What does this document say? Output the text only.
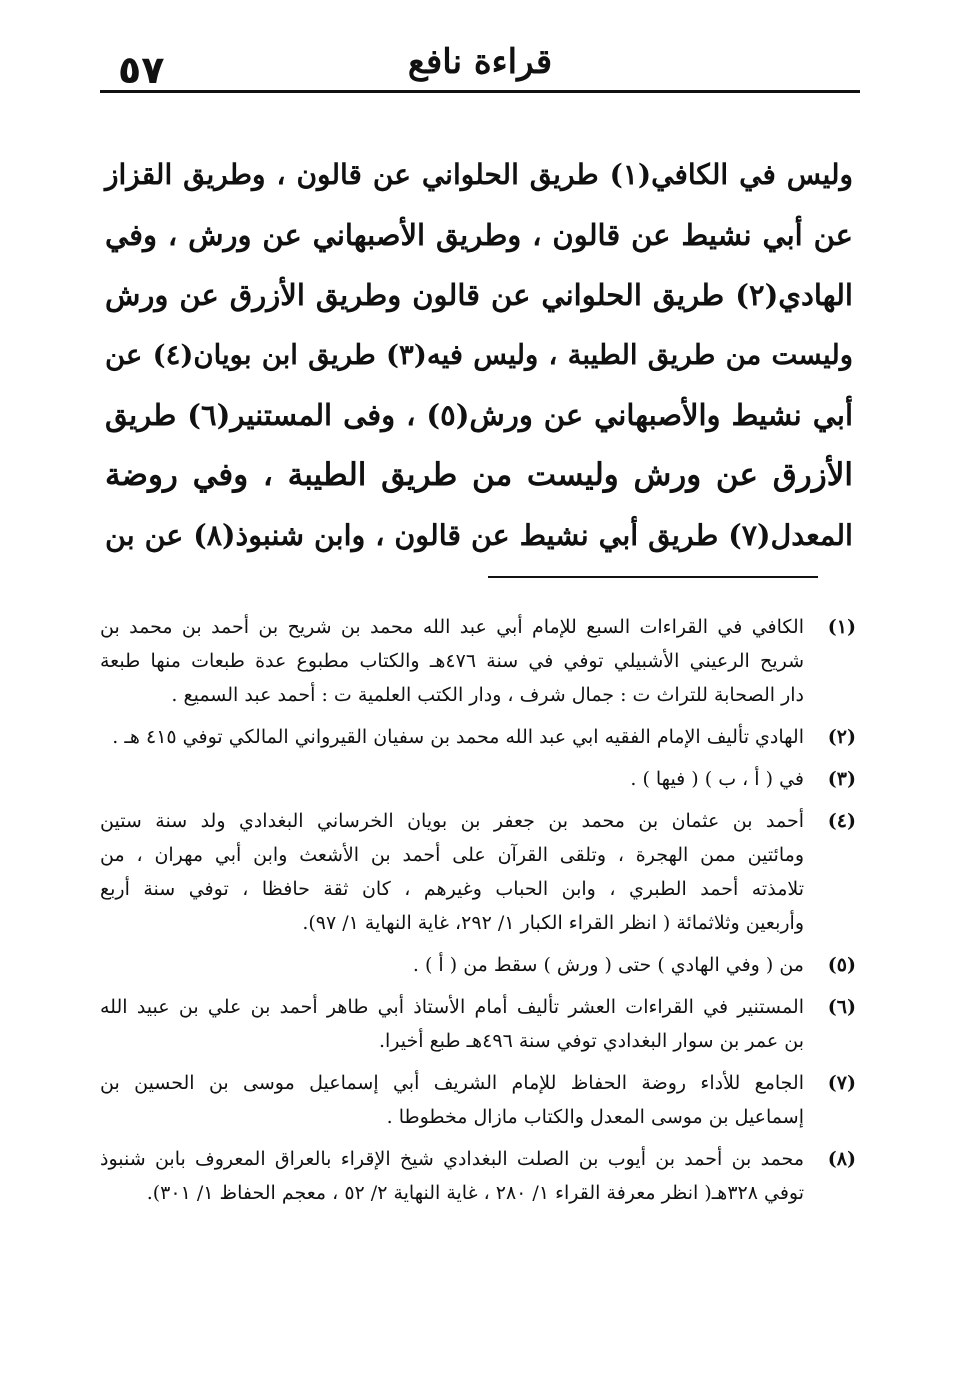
قراءة نافع
٥٧
وليس في الكافي(١) طريق الحلواني عن قالون ، وطريق القزاز
عن أبي نشيط عن قالون ، وطريق الأصبهاني عن ورش ، وفي
الهادي(٢) طريق الحلواني عن قالون وطريق الأزرق عن ورش
وليست من طريق الطيبة ، وليس فيه(٣) طريق ابن بويان(٤) عن
أبي نشيط والأصبهاني عن ورش(٥) ، وفى المستنير(٦) طريق
الأزرق عن ورش وليست من طريق الطيبة ، وفي روضة
المعدل(٧) طريق أبي نشيط عن قالون ، وابن شنبوذ(٨) عن بن
(١)
الكافي في القراءات السبع للإمام أبي عبد الله محمد بن شريح بن أحمد بن محمد بن
شريح الرعيني الأشبيلي توفي في سنة ٤٧٦هـ والكتاب مطبوع عدة طبعات منها طبعة
دار الصحابة للتراث ت : جمال شرف ، ودار الكتب العلمية ت : أحمد عبد السميع .
(٢)
الهادي تأليف الإمام الفقيه ابي عبد الله محمد بن سفيان القيرواني المالكي توفي ٤١٥ هـ .
(٣)
في ( أ ، ب ) ( فيها ) .
(٤)
أحمد بن عثمان بن محمد بن جعفر بن بويان الخرساني البغدادي ولد سنة ستين
ومائتين ممن الهجرة ، وتلقى القرآن على أحمد بن الأشعث وابن أبي مهران ، من
تلامذته أحمد الطبري ، وابن الحباب وغيرهم ، كان ثقة حافظا ، توفي سنة أربع
وأربعين وثلاثمائة ( انظر القراء الكبار ١/ ٢٩٢، غاية النهاية ١/ ٩٧).
(٥)
من ( وفي الهادي ) حتى ( ورش ) سقط من ( أ ) .
(٦)
المستنير في القراءات العشر تأليف أمام الأستاذ أبي طاهر أحمد بن علي بن عبيد الله
بن عمر بن سوار البغدادي توفي سنة ٤٩٦هـ طبع أخيرا.
(٧)
الجامع للأداء روضة الحفاظ للإمام الشريف أبي إسماعيل موسى بن الحسين بن
إسماعيل بن موسى المعدل والكتاب مازال مخطوطا .
(٨)
محمد بن أحمد بن أيوب بن الصلت البغدادي شيخ الإقراء بالعراق المعروف بابن شنبوذ
توفي ٣٢٨هـ( انظر معرفة القراء ١/ ٢٨٠ ، غاية النهاية ٢/ ٥٢ ، معجم الحفاظ ١/ ٣٠١).
